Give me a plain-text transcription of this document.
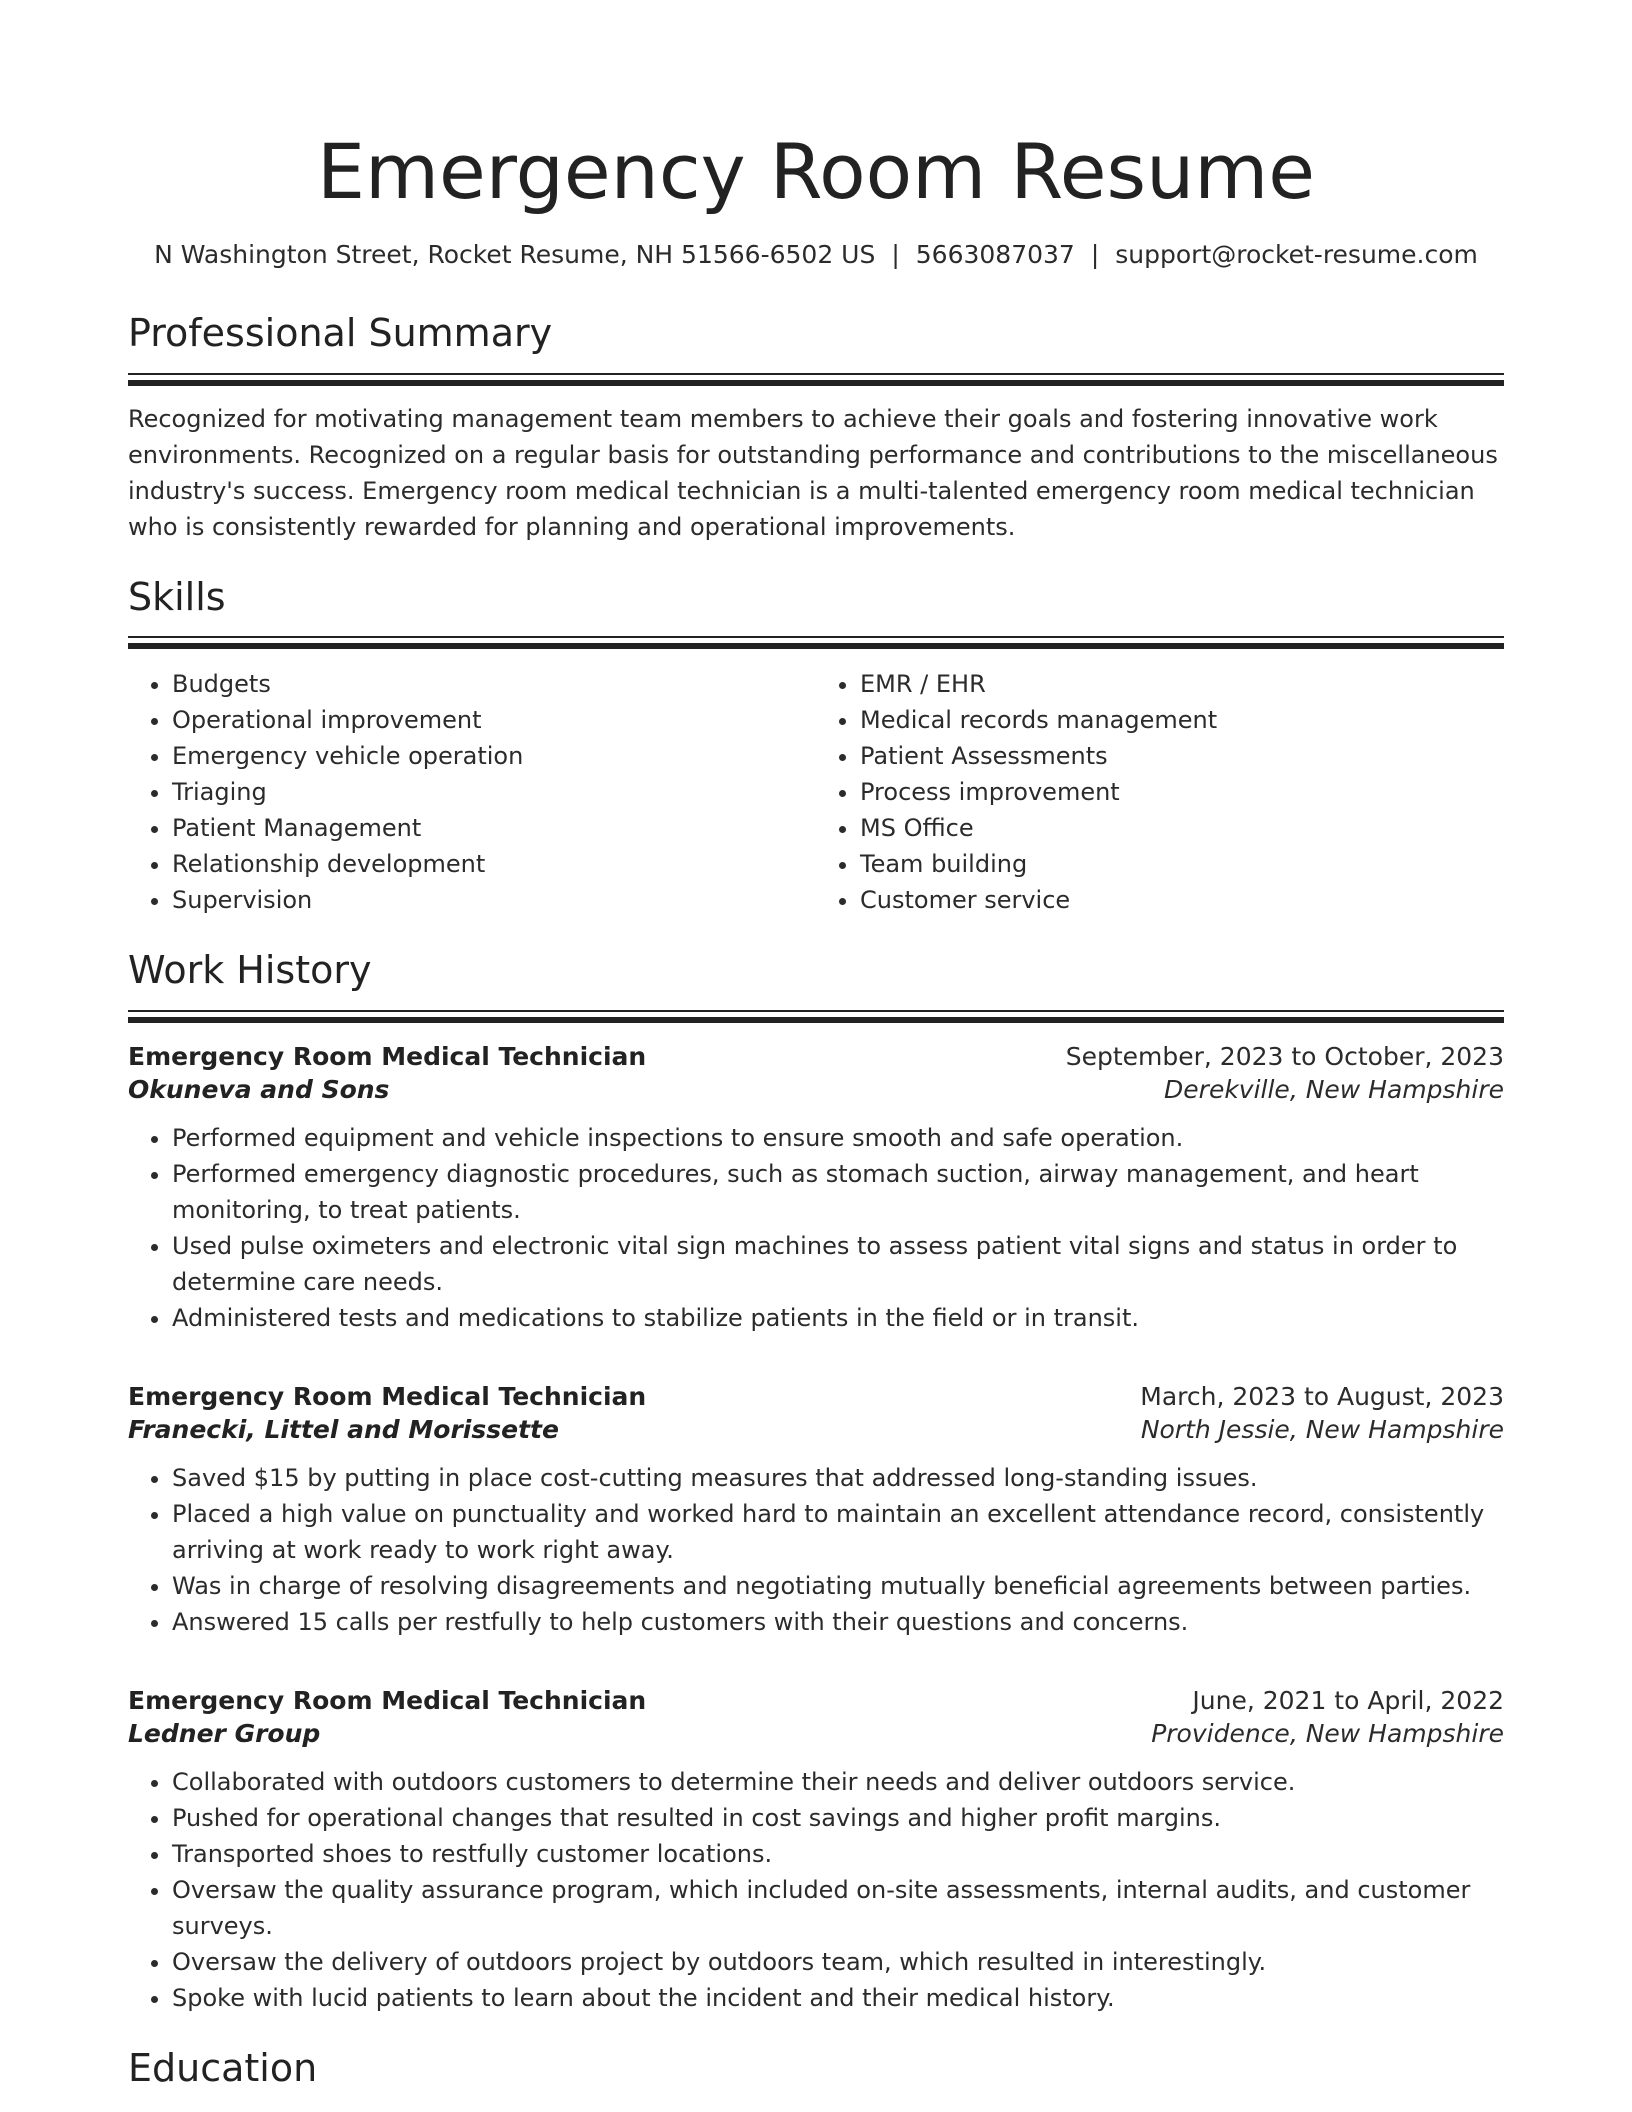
Emergency Room Resume
N Washington Street, Rocket Resume, NH 51566-6502 US | 5663087037 | support@rocket-resume.com
Professional Summary

Recognized for motivating management team members to achieve their goals and fostering innovative work environments. Recognized on a regular basis for outstanding performance and contributions to the miscellaneous industry's success. Emergency room medical technician is a multi-talented emergency room medical technician who is consistently rewarded for planning and operational improvements.

Skills
• Budgets
• Operational improvement
• Emergency vehicle operation
• Triaging
• Patient Management
• Relationship development
• Supervision
• EMR / EHR
• Medical records management
• Patient Assessments
• Process improvement
• MS Office
• Team building
• Customer service
Work History
Emergency Room Medical Technician	September, 2023 to October, 2023
Okuneva and Sons	Derekville, New Hampshire
• Performed equipment and vehicle inspections to ensure smooth and safe operation.
• Performed emergency diagnostic procedures, such as stomach suction, airway management, and heart monitoring, to treat patients.
• Used pulse oximeters and electronic vital sign machines to assess patient vital signs and status in order to determine care needs.
• Administered tests and medications to stabilize patients in the field or in transit.
Emergency Room Medical Technician	March, 2023 to August, 2023
Franecki, Littel and Morissette	North Jessie, New Hampshire
• Saved $15 by putting in place cost-cutting measures that addressed long-standing issues.
• Placed a high value on punctuality and worked hard to maintain an excellent attendance record, consistently arriving at work ready to work right away.
• Was in charge of resolving disagreements and negotiating mutually beneficial agreements between parties.
• Answered 15 calls per restfully to help customers with their questions and concerns.
Emergency Room Medical Technician	June, 2021 to April, 2022
Ledner Group	Providence, New Hampshire
• Collaborated with outdoors customers to determine their needs and deliver outdoors service.
• Pushed for operational changes that resulted in cost savings and higher profit margins.
• Transported shoes to restfully customer locations.
• Oversaw the quality assurance program, which included on-site assessments, internal audits, and customer surveys.
• Oversaw the delivery of outdoors project by outdoors team, which resulted in interestingly.
• Spoke with lucid patients to learn about the incident and their medical history.
Education
